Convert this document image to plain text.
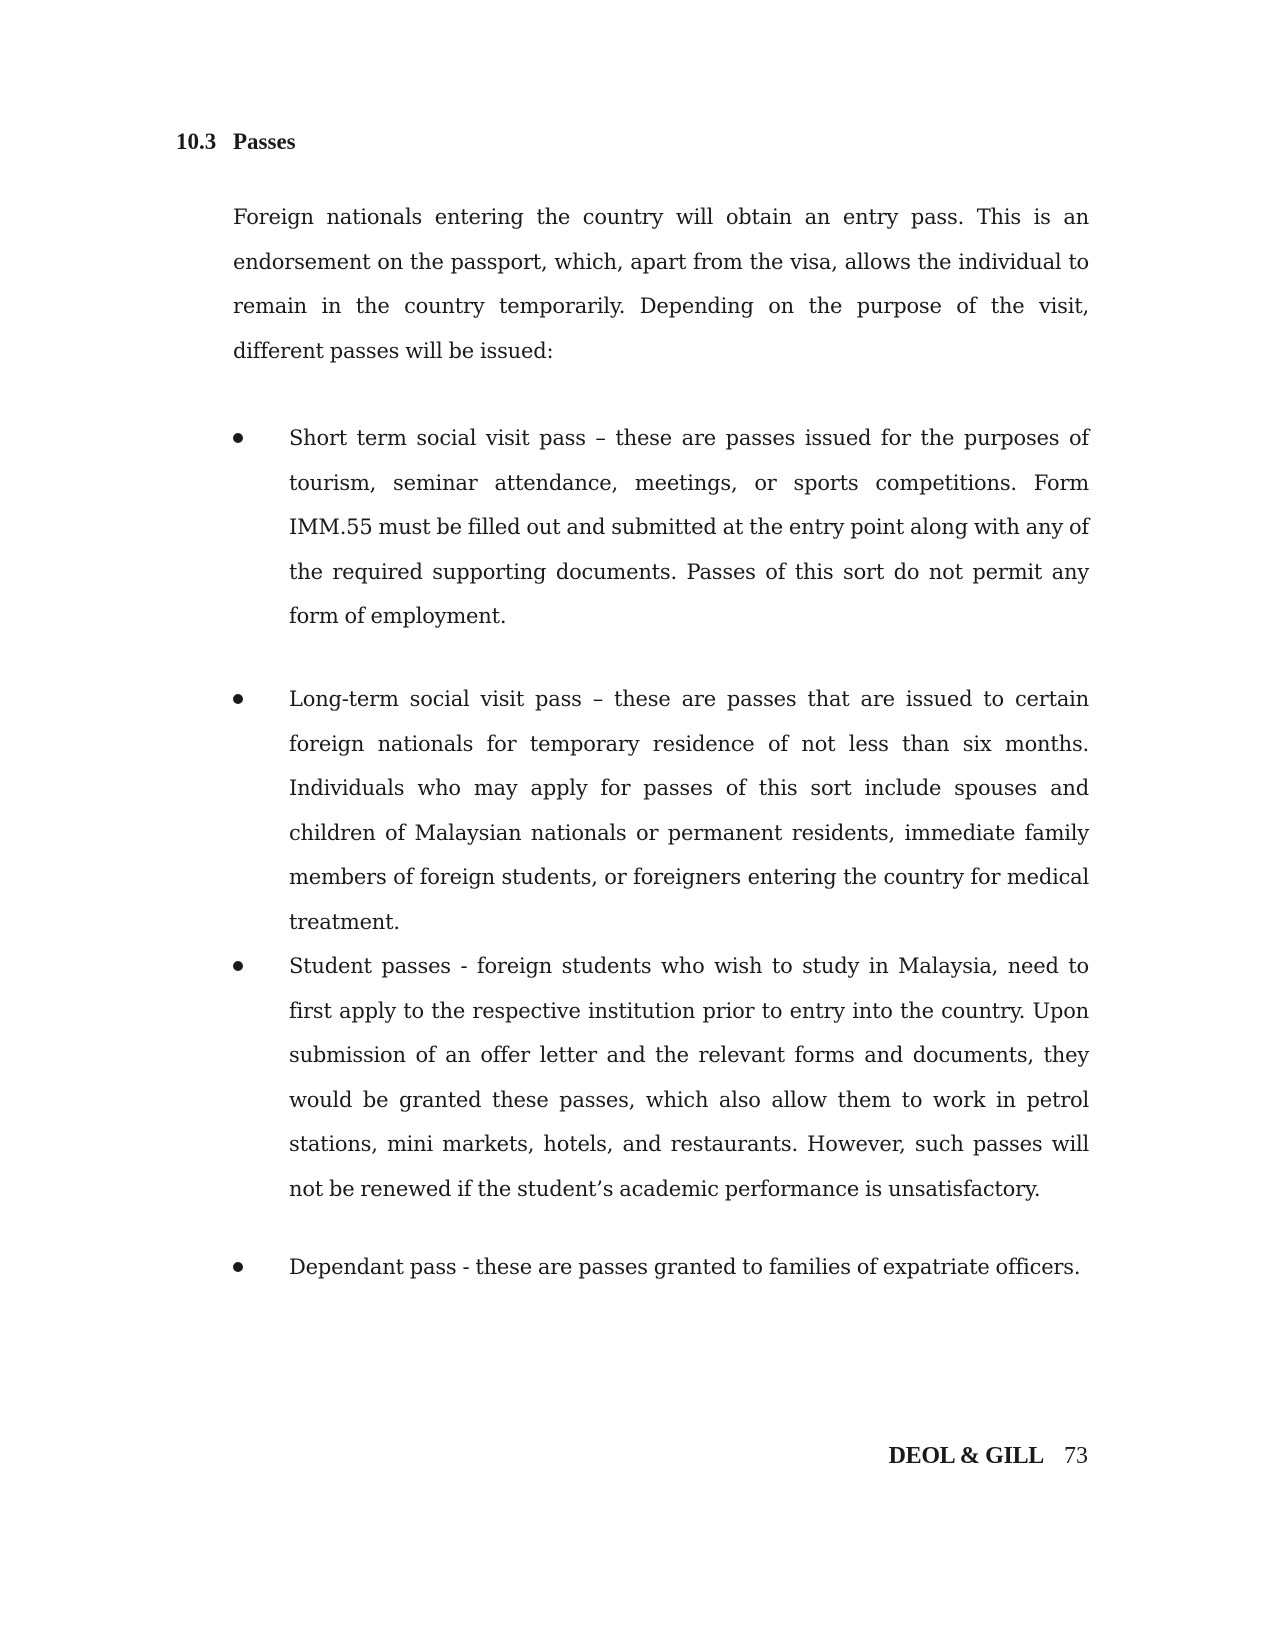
10.3 Passes

Foreign nationals entering the country will obtain an entry pass. This is an endorsement on the passport, which, apart from the visa, allows the individual to remain in the country temporarily. Depending on the purpose of the visit, different passes will be issued:

Short term social visit pass – these are passes issued for the purposes of tourism, seminar attendance, meetings, or sports competitions. Form IMM.55 must be filled out and submitted at the entry point along with any of the required supporting documents. Passes of this sort do not permit any form of employment.

Long-term social visit pass – these are passes that are issued to certain foreign nationals for temporary residence of not less than six months. Individuals who may apply for passes of this sort include spouses and children of Malaysian nationals or permanent residents, immediate family members of foreign students, or foreigners entering the country for medical treatment.

Student passes - foreign students who wish to study in Malaysia, need to first apply to the respective institution prior to entry into the country. Upon submission of an offer letter and the relevant forms and documents, they would be granted these passes, which also allow them to work in petrol stations, mini markets, hotels, and restaurants. However, such passes will not be renewed if the student’s academic performance is unsatisfactory.

Dependant pass - these are passes granted to families of expatriate officers.

DEOL & GILL 73
